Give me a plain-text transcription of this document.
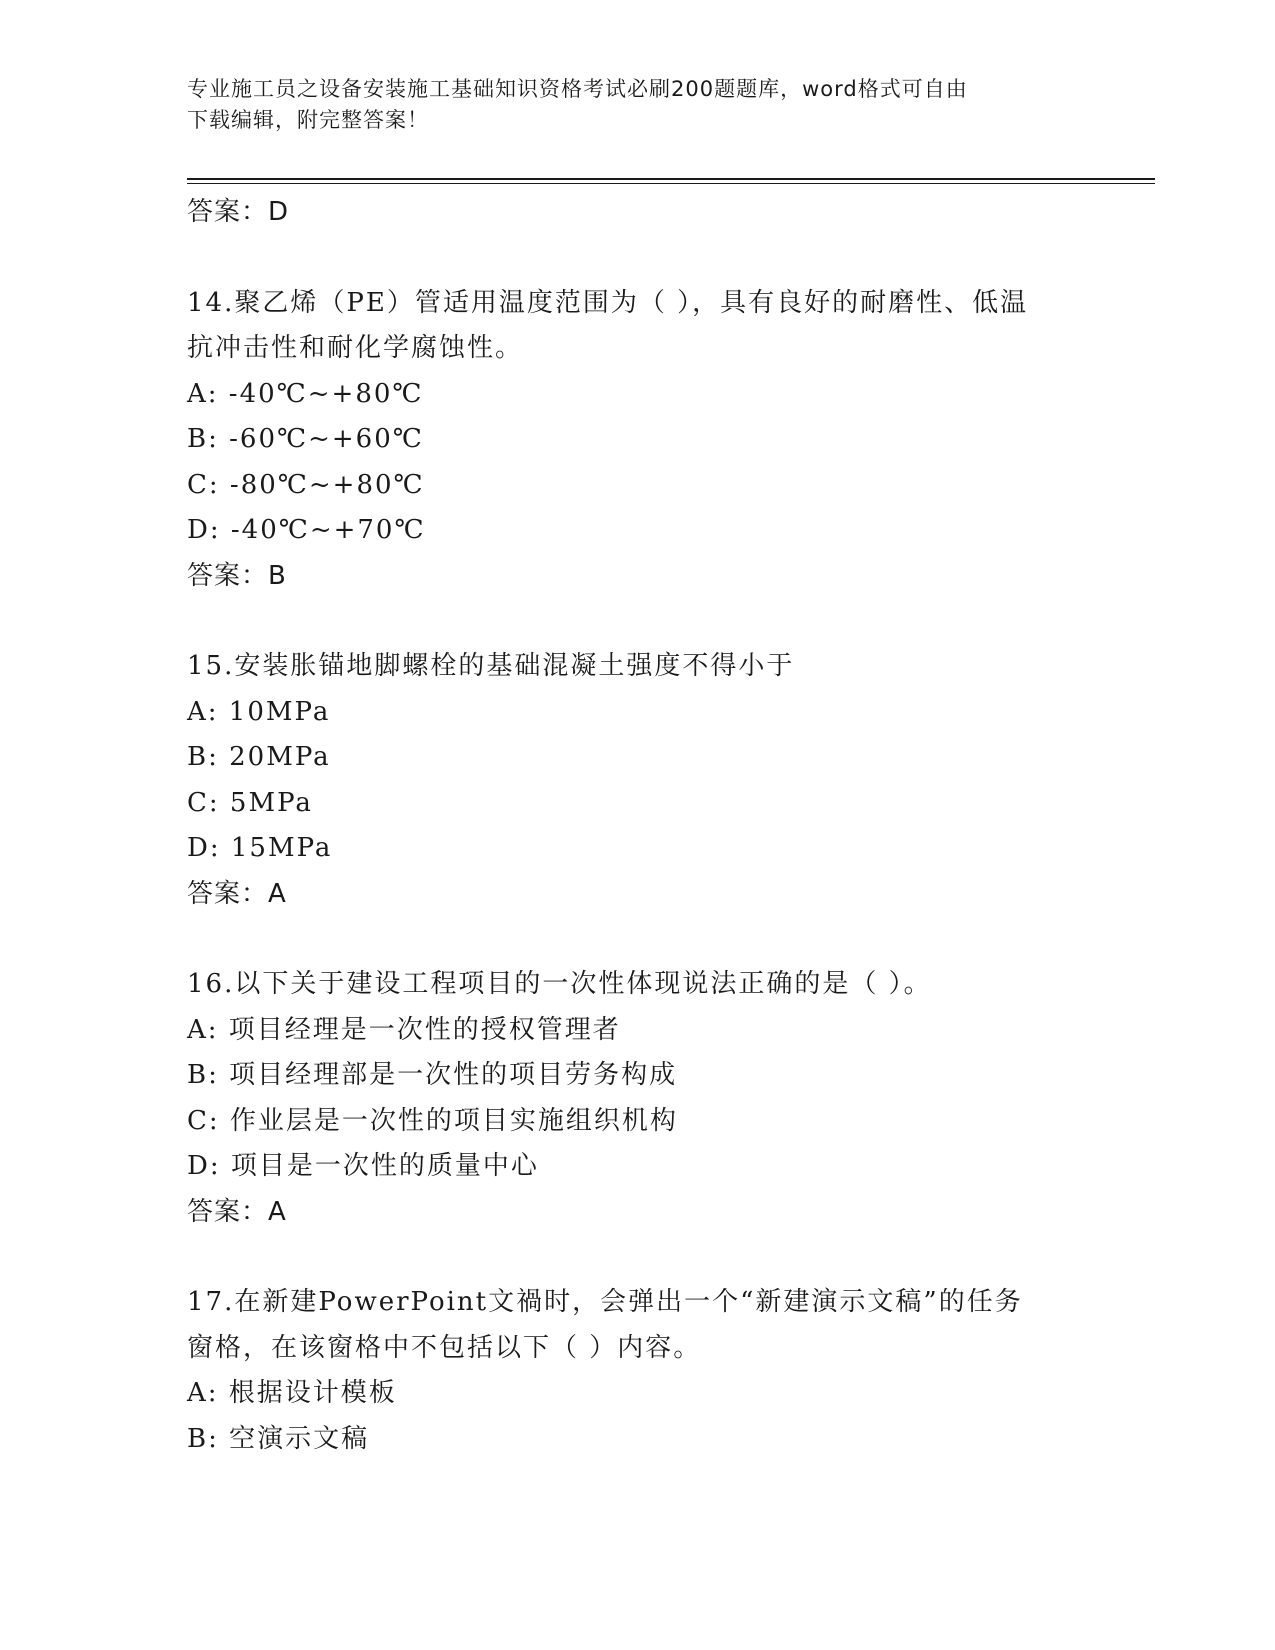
专业施工员之设备安装施工基础知识资格考试必刷200题题库，word格式可自由
下载编辑，附完整答案！
答案：D
14.聚乙烯（PE）管适用温度范围为（ ），具有良好的耐磨性、低温
抗冲击性和耐化学腐蚀性。
A: -40℃~+80℃
B: -60℃~+60℃
C: -80℃~+80℃
D: -40℃~+70℃
答案：B
15.安装胀锚地脚螺栓的基础混凝土强度不得小于
A: 10MPa
B: 20MPa
C: 5MPa
D: 15MPa
答案：A
16.以下关于建设工程项目的一次性体现说法正确的是（ ）。
A: 项目经理是一次性的授权管理者
B: 项目经理部是一次性的项目劳务构成
C: 作业层是一次性的项目实施组织机构
D: 项目是一次性的质量中心
答案：A
17.在新建PowerPoint文禍时，会弹出一个“新建演示文稿”的任务
窗格，在该窗格中不包括以下（ ）内容。
A: 根据设计模板
B: 空演示文稿
